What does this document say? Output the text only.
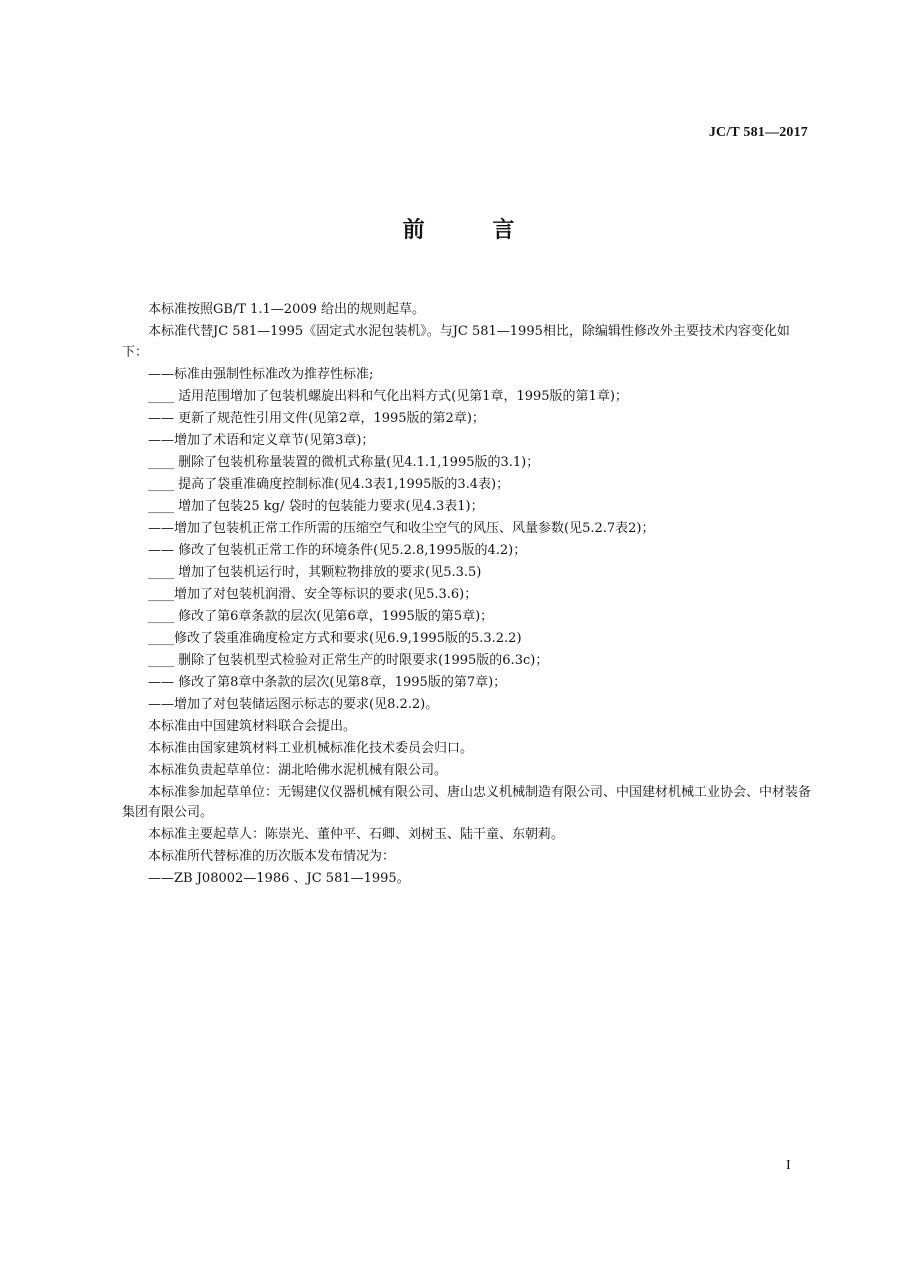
JC/T 581—2017
前 言
本标准按照GB/T 1.1—2009 给出的规则起草。
本标准代替JC 581—1995《固定式水泥包装机》。与JC 581—1995相比，除编辑性修改外主要技术内容变化如下：
——标准由强制性标准改为推荐性标准;
____ 适用范围增加了包装机螺旋出料和气化出料方式(见第1章，1995版的第1章)；
—— 更新了规范性引用文件(见第2章，1995版的第2章)；
——增加了术语和定义章节(见第3章)；
____ 删除了包装机称量装置的微机式称量(见4.1.1,1995版的3.1)；
____ 提高了袋重准确度控制标准(见4.3表1,1995版的3.4表)；
____ 增加了包装25 kg/ 袋时的包装能力要求(见4.3表1)；
——增加了包装机正常工作所需的压缩空气和收尘空气的风压、风量参数(见5.2.7表2)；
—— 修改了包装机正常工作的环境条件(见5.2.8,1995版的4.2)；
____ 增加了包装机运行时，其颗粒物排放的要求(见5.3.5)
____增加了对包装机润滑、安全等标识的要求(见5.3.6)；
____ 修改了第6章条款的层次(见第6章，1995版的第5章)；
____修改了袋重准确度检定方式和要求(见6.9,1995版的5.3.2.2)
____ 删除了包装机型式检验对正常生产的时限要求(1995版的6.3c)；
—— 修改了第8章中条款的层次(见第8章，1995版的第7章)；
——增加了对包装储运图示标志的要求(见8.2.2)。
本标准由中国建筑材料联合会提出。
本标准由国家建筑材料工业机械标准化技术委员会归口。
本标准负责起草单位：湖北哈佛水泥机械有限公司。
本标准参加起草单位：无锡建仪仪器机械有限公司、唐山忠义机械制造有限公司、中国建材机械工业协会、中材装备集团有限公司。
本标准主要起草人：陈崇光、董仲平、石卿、刘树玉、陆干童、东朝莉。
本标准所代替标准的历次版本发布情况为：
——ZB J08002—1986 、JC 581—1995。
I
